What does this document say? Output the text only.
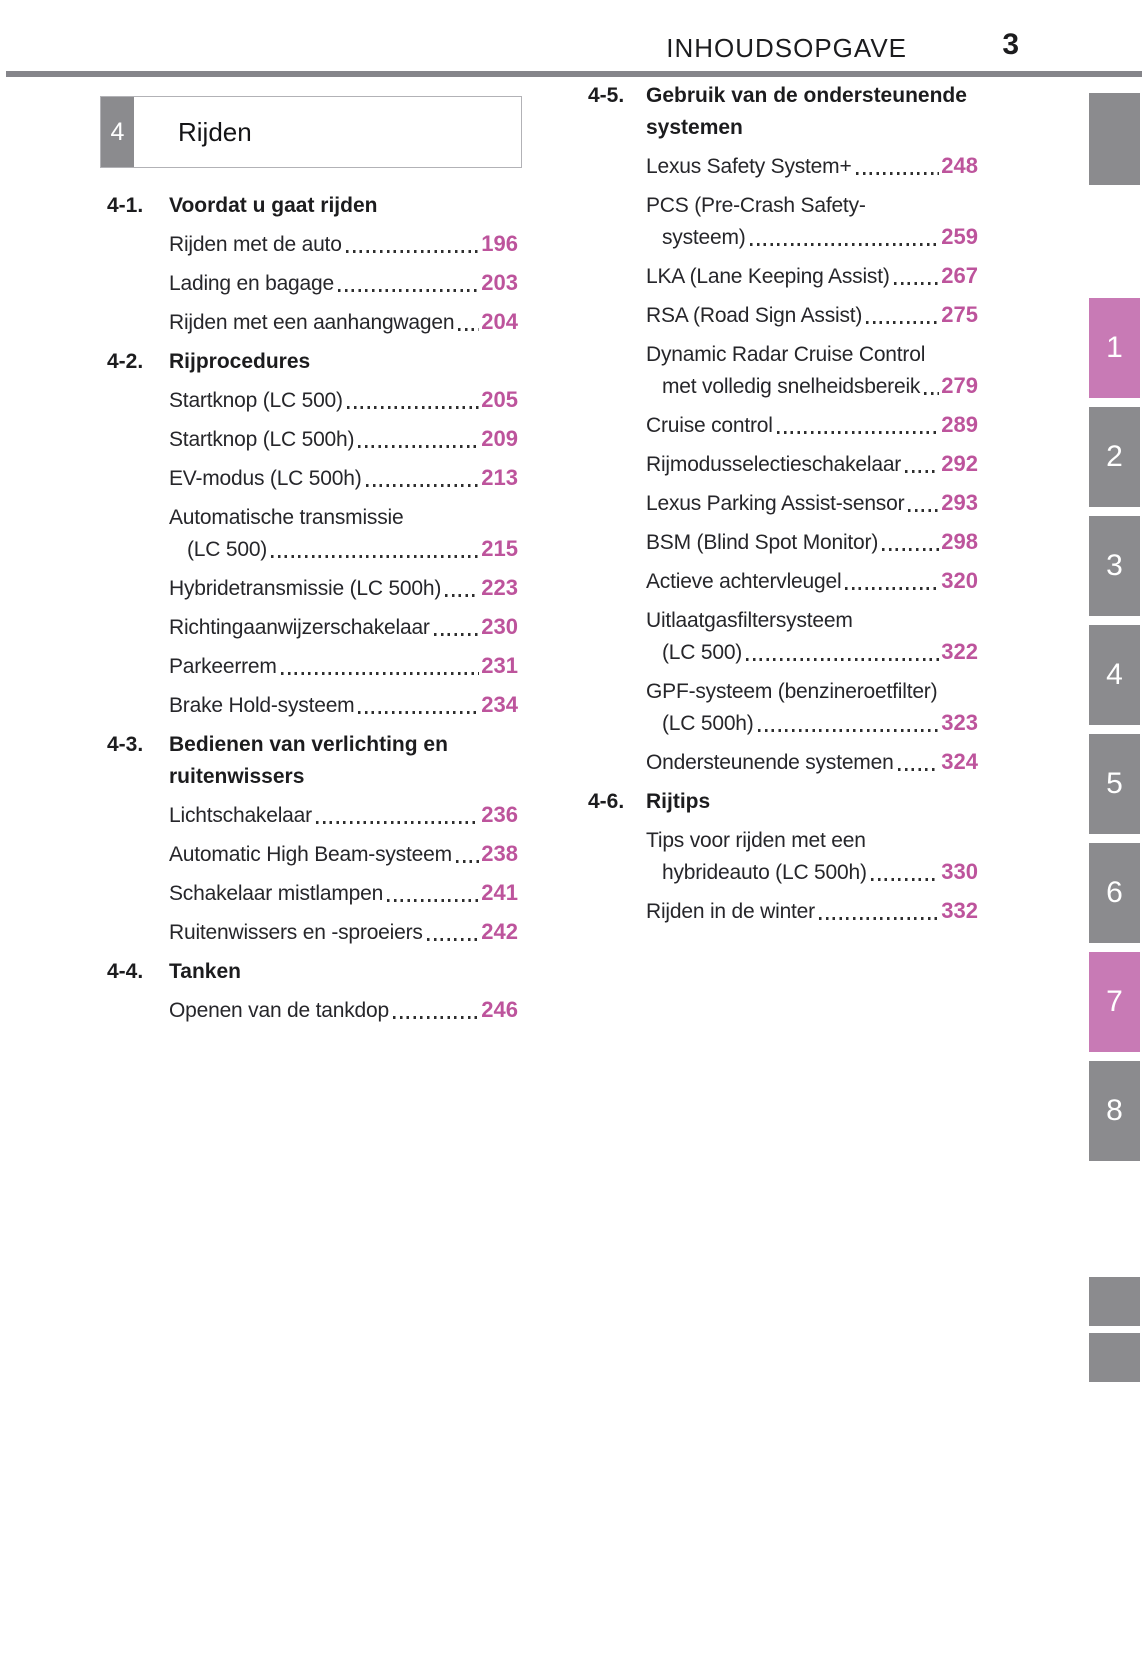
INHOUDSOPGAVE	3
4	Rijden
4-1.	Voordat u gaat rijden
Rijden met de auto	196
Lading en bagage	203
Rijden met een aanhangwagen 204
4-2.	Rijprocedures
Startknop (LC 500)	205
Startknop (LC 500h)	209
EV-modus (LC 500h)	213
Automatische transmissie
(LC 500)	215
Hybridetransmissie (LC 500h) 223
Richtingaanwijzerschakelaar 230
Parkeerrem	231
Brake Hold-systeem	234
4-3.	Bedienen van verlichting en
ruitenwissers
Lichtschakelaar	236
Automatic High Beam-systeem 238
Schakelaar mistlampen	241
Ruitenwissers en -sproeiers	242
4-4.	Tanken
Openen van de tankdop	246
4-5.	Gebruik van de ondersteunende
systemen
Lexus Safety System+	248
PCS (Pre-Crash Safety-
systeem)	259
LKA (Lane Keeping Assist) 267
RSA (Road Sign Assist)	275
Dynamic Radar Cruise Control
met volledig snelheidsbereik 279
Cruise control	289
Rijmodusselectieschakelaar 292
Lexus Parking Assist-sensor 293
BSM (Blind Spot Monitor)	298
Actieve achtervleugel	320
Uitlaatgasfiltersysteem
(LC 500)	322
GPF-systeem (benzineroetfilter)
(LC 500h)	323
Ondersteunende systemen 324
4-6.	Rijtips
Tips voor rijden met een
hybrideauto (LC 500h)	330
Rijden in de winter	332
1
2
3
4
5
6
7
8
